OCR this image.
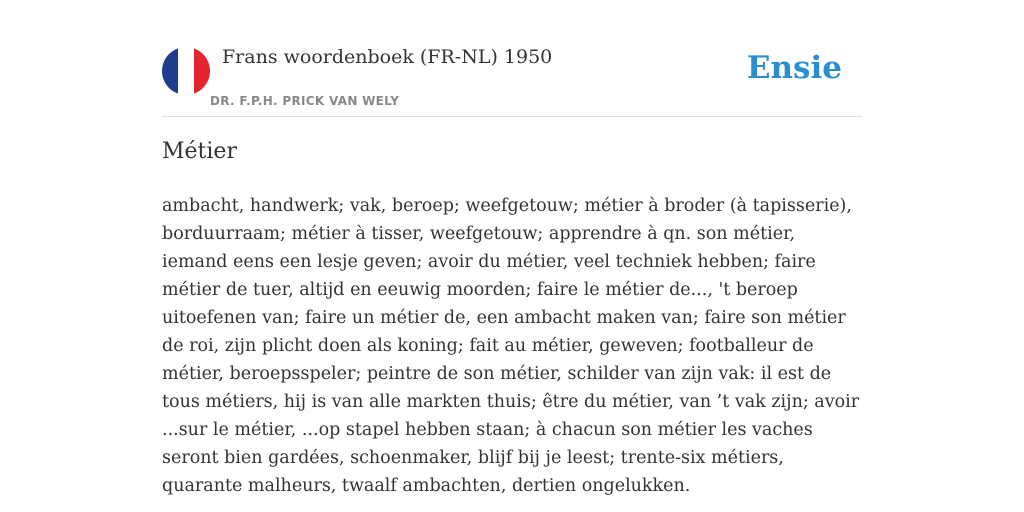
Frans woordenboek (FR-NL) 1950
DR. F.P.H. PRICK VAN WELY
Ensie
Métier

ambacht, handwerk; vak, beroep; weefgetouw; métier à broder (à tapisserie), borduurraam; métier à tisser, weefgetouw; apprendre à qn. son métier, iemand eens een lesje geven; avoir du métier, veel techniek hebben; faire métier de tuer, altijd en eeuwig moorden; faire le métier de..., 't beroep uitoefenen van; faire un métier de, een ambacht maken van; faire son métier de roi, zijn plicht doen als koning; fait au métier, geweven; footballeur de métier, beroepsspeler; peintre de son métier, schilder van zijn vak: il est de tous métiers, hij is van alle markten thuis; être du métier, van ’t vak zijn; avoir ...sur le métier, ...op stapel hebben staan; à chacun son métier les vaches seront bien gardées, schoenmaker, blijf bij je leest; trente-six métiers, quarante malheurs, twaalf ambachten, dertien ongelukken.
